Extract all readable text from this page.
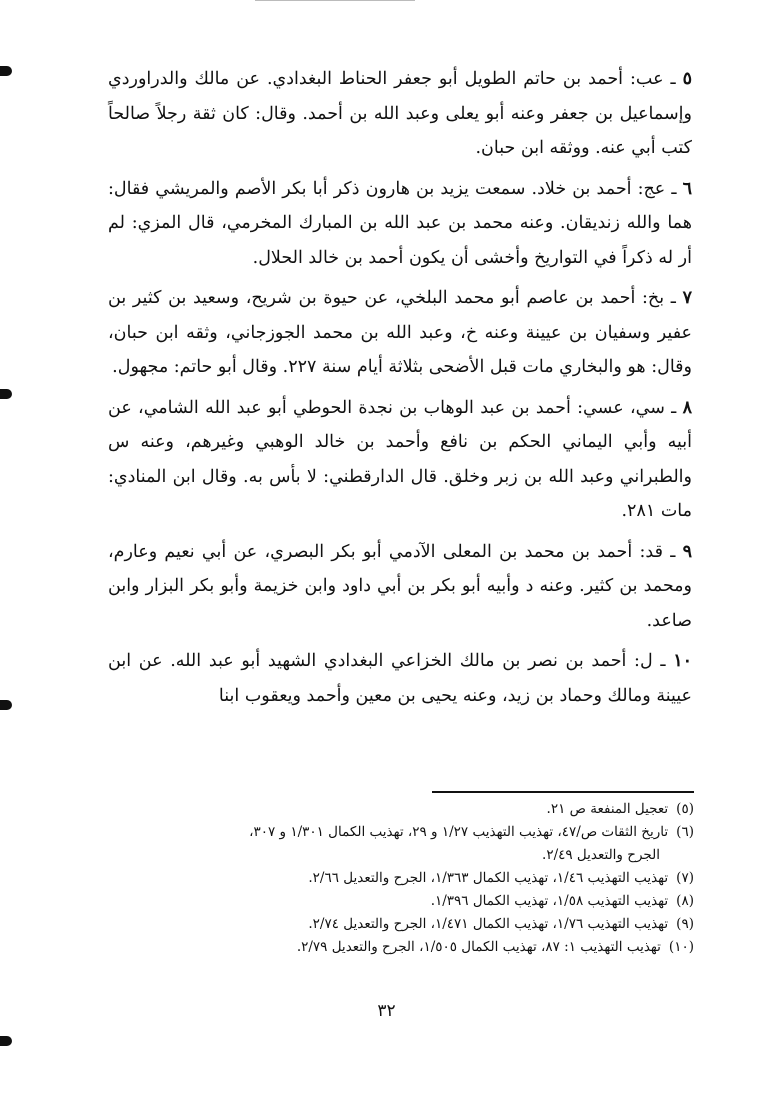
٥ ـ عب: أحمد بن حاتم الطويل أبو جعفر الحناط البغدادي. عن مالك والدراوردي وإسماعيل بن جعفر وعنه أبو يعلى وعبد الله بن أحمد. وقال: كان ثقة رجلاً صالحاً كتب أبي عنه. ووثقه ابن حبان.

٦ ـ عج: أحمد بن خلاد. سمعت يزيد بن هارون ذكر أبا بكر الأصم والمريشي فقال: هما والله زنديقان. وعنه محمد بن عبد الله بن المبارك المخرمي، قال المزي: لم أر له ذكراً في التواريخ وأخشى أن يكون أحمد بن خالد الحلال.

٧ ـ بخ: أحمد بن عاصم أبو محمد البلخي، عن حيوة بن شريح، وسعيد بن كثير بن عفير وسفيان بن عيينة وعنه خ، وعبد الله بن محمد الجوزجاني، وثقه ابن حبان، وقال: هو والبخاري مات قبل الأضحى بثلاثة أيام سنة ٢٢٧. وقال أبو حاتم: مجهول.

٨ ـ سي، عسي: أحمد بن عبد الوهاب بن نجدة الحوطي أبو عبد الله الشامي، عن أبيه وأبي اليماني الحكم بن نافع وأحمد بن خالد الوهبي وغيرهم، وعنه س والطبراني وعبد الله بن زبر وخلق. قال الدارقطني: لا بأس به. وقال ابن المنادي: مات ٢٨١.

٩ ـ قد: أحمد بن محمد بن المعلى الآدمي أبو بكر البصري، عن أبي نعيم وعارم، ومحمد بن كثير. وعنه د وأبيه أبو بكر بن أبي داود وابن خزيمة وأبو بكر البزار وابن صاعد.

١٠ ـ ل: أحمد بن نصر بن مالك الخزاعي البغدادي الشهيد أبو عبد الله. عن ابن عيينة ومالك وحماد بن زيد، وعنه يحيى بن معين وأحمد ويعقوب ابنا

(٥)تعجيل المنفعة ص ٢١.

(٦)تاريخ الثقات ص/٤٧، تهذيب التهذيب ١/٢٧ و ٢٩، تهذيب الكمال ١/٣٠١ و ٣٠٧،

الجرح والتعديل ٢/٤٩.

(٧)تهذيب التهذيب ١/٤٦، تهذيب الكمال ١/٣٦٣، الجرح والتعديل ٢/٦٦.

(٨)تهذيب التهذيب ١/٥٨، تهذيب الكمال ١/٣٩٦.

(٩)تهذيب التهذيب ١/٧٦، تهذيب الكمال ١/٤٧١، الجرح والتعديل ٢/٧٤.

(١٠)تهذيب التهذيب ١: ٨٧، تهذيب الكمال ١/٥٠٥، الجرح والتعديل ٢/٧٩.

٣٢
